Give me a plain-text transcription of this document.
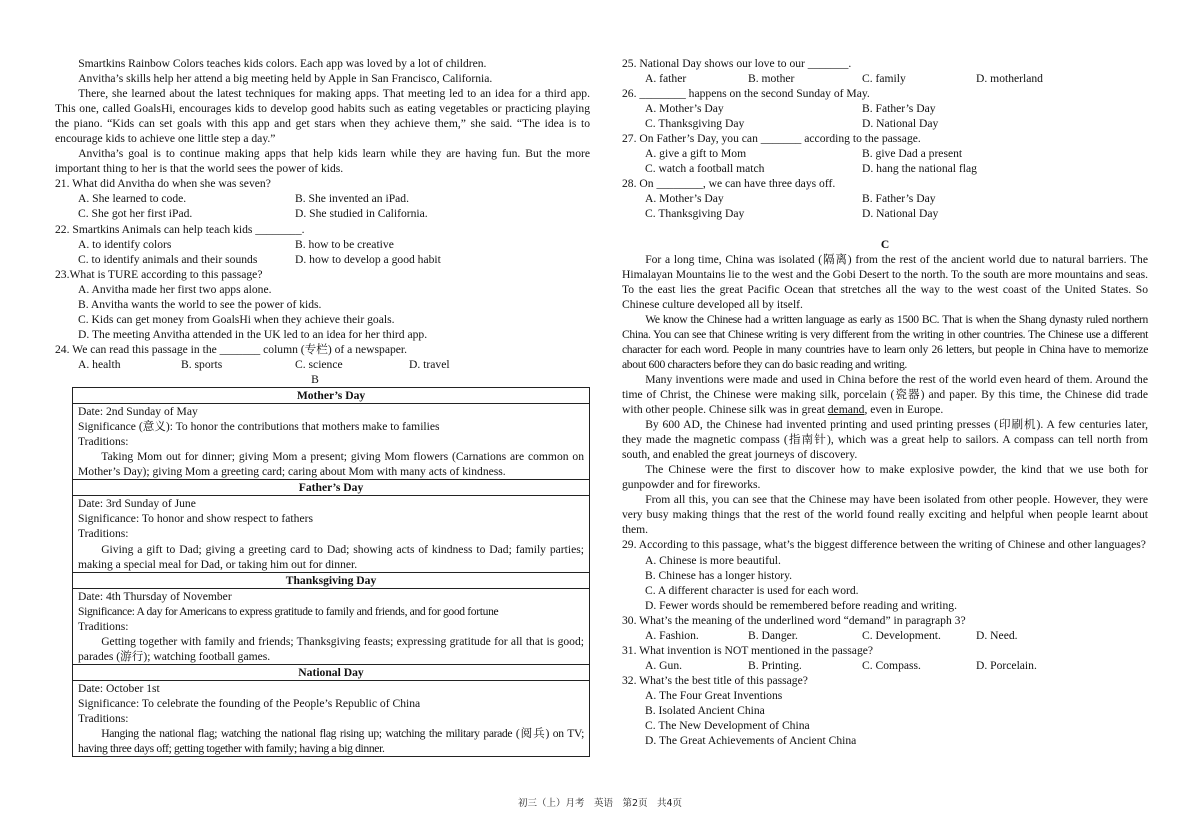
Smartkins Rainbow Colors teaches kids colors. Each app was loved by a lot of children.

Anvitha’s skills help her attend a big meeting held by Apple in San Francisco, California.

There, she learned about the latest techniques for making apps. That meeting led to an idea for a third app. This one, called GoalsHi, encourages kids to develop good habits such as eating vegetables or practicing playing the piano. “Kids can set goals with this app and get stars when they achieve them,” she said. “The idea is to encourage kids to achieve one little step a day.”

Anvitha’s goal is to continue making apps that help kids learn while they are having fun. But the more important thing to her is that the world sees the power of kids.

21. What did Anvitha do when she was seven?

A. She learned to code.	B. She invented an iPad.
C. She got her first iPad.	D. She studied in California.

22. Smartkins Animals can help teach kids ________.

A. to identify colors	B. how to be creative
C. to identify animals and their sounds	D. how to develop a good habit

23.What is TURE according to this passage?

A. Anvitha made her first two apps alone.
B. Anvitha wants the world to see the power of kids.
C. Kids can get money from GoalsHi when they achieve their goals.
D. The meeting Anvitha attended in the UK led to an idea for her third app.

24. We can read this passage in the _______ column (专栏) of a newspaper.

A. health	B. sports	C. science	D. travel

B

Mother’s Day

Date: 2nd Sunday of May
Significance (意义): To honor the contributions that mothers make to families
Traditions:
Taking Mom out for dinner; giving Mom a present; giving Mom flowers (Carnations are common on Mother’s Day); giving Mom a greeting card; caring about Mom with many acts of kindness.

Father’s Day

Date: 3rd Sunday of June
Significance: To honor and show respect to fathers
Traditions:
Giving a gift to Dad; giving a greeting card to Dad; showing acts of kindness to Dad; family parties; making a special meal for Dad, or taking him out for dinner.

Thanksgiving Day

Date: 4th Thursday of November
Significance: A day for Americans to express gratitude to family and friends, and for good fortune
Traditions:
Getting together with family and friends; Thanksgiving feasts; expressing gratitude for all that is good; parades (游行); watching football games.

National Day

Date: October 1st
Significance: To celebrate the founding of the People’s Republic of China
Traditions:
Hanging the national flag; watching the national flag rising up; watching the military parade (阅兵) on TV; having three days off; getting together with family; having a big dinner.

25. National Day shows our love to our _______.

A. father	B. mother	C. family	D. motherland

26. ________ happens on the second Sunday of May.

A. Mother’s Day	B. Father’s Day
C. Thanksgiving Day	D. National Day

27. On Father’s Day, you can _______ according to the passage.

A. give a gift to Mom	B. give Dad a present
C. watch a football match	D. hang the national flag

28. On ________, we can have three days off.

A. Mother’s Day	B. Father’s Day
C. Thanksgiving Day	D. National Day

C

For a long time, China was isolated (隔离) from the rest of the ancient world due to natural barriers. The Himalayan Mountains lie to the west and the Gobi Desert to the north. To the south are more mountains and seas. To the east lies the great Pacific Ocean that stretches all the way to the west coast of the United States. So Chinese culture developed all by itself.

We know the Chinese had a written language as early as 1500 BC. That is when the Shang dynasty ruled northern China. You can see that Chinese writing is very different from the writing in other countries. The Chinese use a different character for each word. People in many countries have to learn only 26 letters, but people in China have to memorize about 600 characters before they can do basic reading and writing.

Many inventions were made and used in China before the rest of the world even heard of them. Around the time of Christ, the Chinese were making silk, porcelain (瓷器) and paper. By this time, the Chinese did trade with other people. Chinese silk was in great demand, even in Europe.

By 600 AD, the Chinese had invented printing and used printing presses (印刷机). A few centuries later, they made the magnetic compass (指南针), which was a great help to sailors. A compass can tell north from south, and enabled the great journeys of discovery.

The Chinese were the first to discover how to make explosive powder, the kind that we use both for gunpowder and for fireworks.

From all this, you can see that the Chinese may have been isolated from other people. However, they were very busy making things that the rest of the world found really exciting and helpful when people learnt about them.

29. According to this passage, what’s the biggest difference between the writing of Chinese and other languages?

A. Chinese is more beautiful.
B. Chinese has a longer history.
C. A different character is used for each word.
D. Fewer words should be remembered before reading and writing.

30. What’s the meaning of the underlined word “demand” in paragraph 3?

A. Fashion.	B. Danger.	C. Development.	D. Need.

31. What invention is NOT mentioned in the passage?

A. Gun.	B. Printing.	C. Compass.	D. Porcelain.

32. What’s the best title of this passage?

A. The Four Great Inventions
B. Isolated Ancient China
C. The New Development of China
D. The Great Achievements of Ancient China
初三（上）月考　英语　第2页　共4页
